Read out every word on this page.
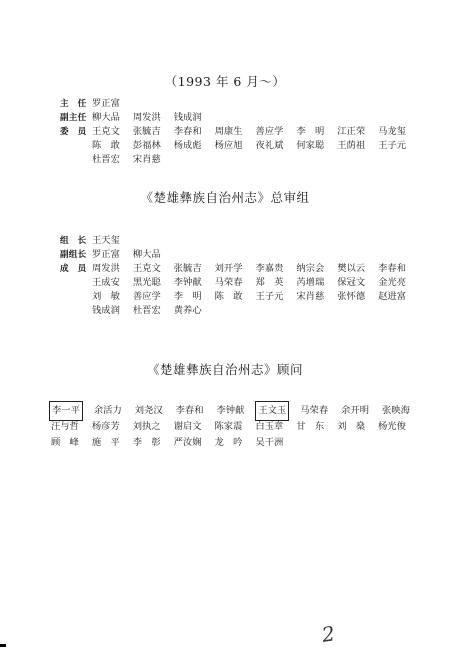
（1993 年 6 月～）
主　任 罗正富
副主任 柳大品 周发洪 钱成润
委　员 王克文 张毓吉 李春和 周康生 善应学 李　明 江正荣 马龙玺
陈　敢 彭福林 杨成彪 杨应旭 夜礼斌 何家聪 王荫祖 王子元
杜晋宏 宋肖慈
《楚雄彝族自治州志》总审组
组　长 王天玺
副组长 罗正富 柳大品
成　员 周发洪 王克文 张毓吉 刘开学 李嘉贵 纳宗会 樊以云 李春和
王成安 黑光聪 李钟献 马荣春 郑　英 芮增瑞 保冠文 金光亮
刘　敏 善应学 李　明 陈　敢 王子元 宋肖慈 张怀德 赵进富
钱成润 杜晋宏 黄养心
《楚雄彝族自治州志》顾问
李一平 余活力 刘尧汉 李春和 李钟献 王文玉 马荣春 余开明 张映海
汪与哲 杨彦芳 刘执之 谢启文 陈家震 白玉章 甘　东 刘　燊 杨光俊
顾　峰 施　平 李　彰 严汝娴 龙　吟 吴干洲
2
